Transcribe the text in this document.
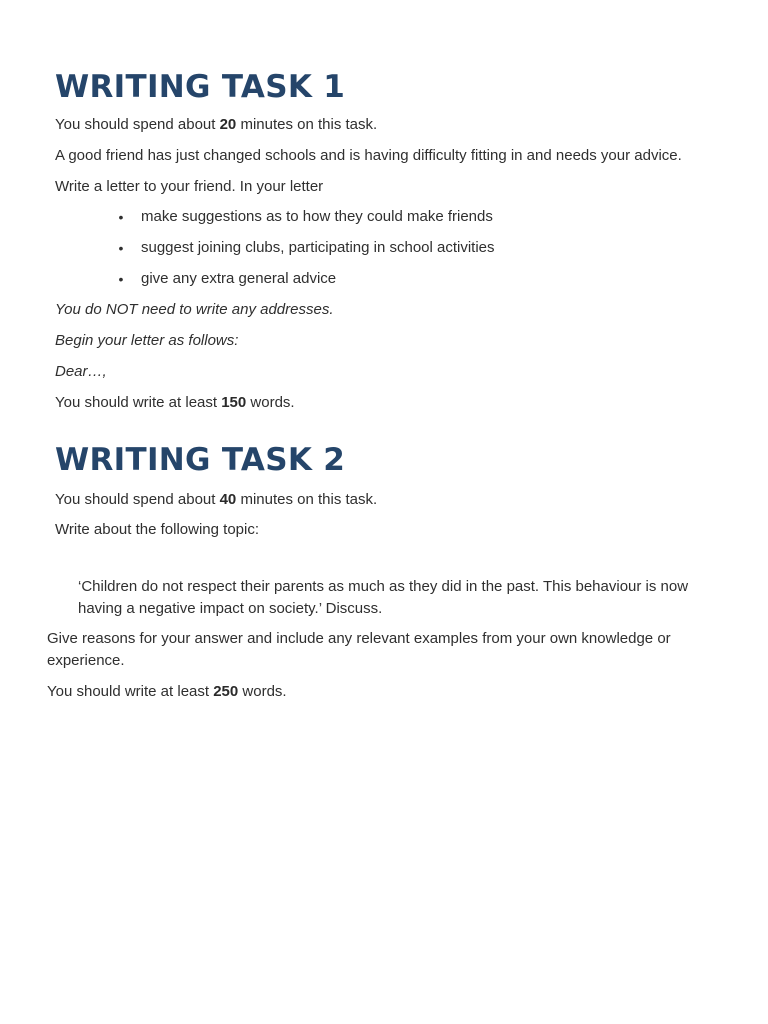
WRITING TASK 1

You should spend about 20 minutes on this task.

A good friend has just changed schools and is having difficulty fitting in and needs your advice.

Write a letter to your friend. In your letter

• make suggestions as to how they could make friends
• suggest joining clubs, participating in school activities
• give any extra general advice

You do NOT need to write any addresses.

Begin your letter as follows:

Dear…,

You should write at least 150 words.

WRITING TASK 2

You should spend about 40 minutes on this task.

Write about the following topic:

‘Children do not respect their parents as much as they did in the past. This behaviour is now having a negative impact on society.’ Discuss.

Give reasons for your answer and include any relevant examples from your own knowledge or experience.

You should write at least 250 words.
